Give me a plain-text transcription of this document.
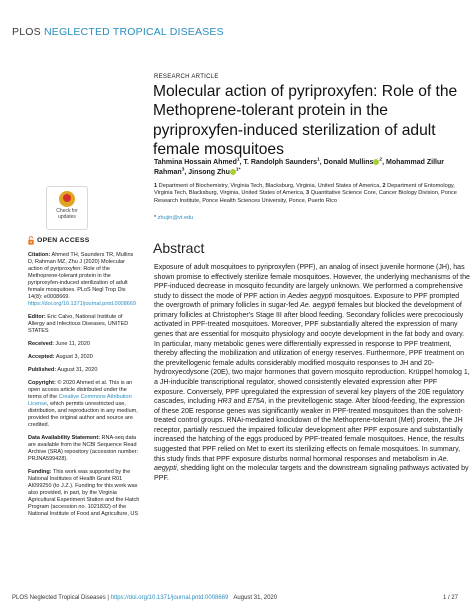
PLOS NEGLECTED TROPICAL DISEASES
RESEARCH ARTICLE
Molecular action of pyriproxyfen: Role of the Methoprene-tolerant protein in the pyriproxyfen-induced sterilization of adult female mosquitoes
Tahmina Hossain Ahmed$^1$, T. Randolph Saunders$^1$, Donald Mullins $^2$, Mohammad Zillur Rahman$^3$, Jinsong Zhu $^{1*}$

1 Department of Biochemistry, Virginia Tech, Blacksburg, Virginia, United States of America, 2 Department of Entomology, Virginia Tech, Blacksburg, Virginia, United States of America, 3 Quantitative Science Core, Cancer Biology Division, Ponce Research Institute, Ponce Health Sciences University, Ponce, Puerto Rico

* zhujin@vt.edu
Check for
updates
Abstract
Exposure of adult mosquitoes to pyriproxyfen (PPF), an analog of insect juvenile hormone (JH), has shown promise to effectively sterilize female mosquitoes. However, the underlying mechanisms of the PPF-induced decrease in mosquito fecundity are largely unknown. We performed a comprehensive study to dissect the mode of PPF action in Aedes aegypti mosquitoes. Exposure to PPF prompted the overgrowth of primary follicles in sugar-fed Ae. aegypti females but blocked the development of primary follicles at Christopher's Stage III after blood feeding. Secondary follicles were precociously activated in PPF-treated mosquitoes. Moreover, PPF substantially altered the expression of many genes that are essential for mosquito physiology and oocyte development in the fat body and ovary. In particular, many metabolic genes were differentially expressed in response to PPF treatment, thereby affecting the mobilization and utilization of energy reserves. Furthermore, PPF treatment on the previtellogenic female adults considerably modified mosquito responses to JH and 20-hydroxyecdysone (20E), two major hormones that govern mosquito reproduction. Krüppel homolog 1, a JH-inducible transcriptional regulator, showed consistently elevated expression after PPF exposure. Conversely, PPF upregulated the expression of several key players of the 20E regulatory cascades, including HR3 and E75A, in the previtellogenic stage. After blood-feeding, the expression of these 20E response genes was significantly weaker in PPF-treated mosquitoes than the solvent-treated control groups. RNAi-mediated knockdown of the Methoprene-tolerant (Met) protein, the JH receptor, partially rescued the impaired follicular development after PPF exposure and substantially increased the hatching of the eggs produced by PPF-treated female mosquitoes. Hence, the results suggested that PPF relied on Met to exert its sterilizing effects on female mosquitoes. In summary, this study finds that PPF exposure disturbs normal hormonal responses and metabolism in Ae. aegypti, shedding light on the molecular targets and the downstream signaling pathways activated by PPF.
OPEN ACCESS

Citation: Ahmed TH, Saunders TR, Mullins D, Rahman MZ, Zhu J (2020) Molecular action of pyriproxyfen: Role of the Methoprene-tolerant protein in the pyriproxyfen-induced sterilization of adult female mosquitoes. PLoS Negl Trop Dis 14(8): e0008669. https://doi.org/10.1371/journal.pntd.0008669

Editor: Eric Calvo, National Institute of Allergy and Infectious Diseases, UNITED STATES

Received: June 11, 2020

Accepted: August 3, 2020

Published: August 31, 2020

Copyright: © 2020 Ahmed et al. This is an open access article distributed under the terms of the Creative Commons Attribution License, which permits unrestricted use, distribution, and reproduction in any medium, provided the original author and source are credited.

Data Availability Statement: RNA-seq data are available from the NCBI Sequence Read Archive (SRA) repository (accession number: PRJNA599428).

Funding: This work was supported by the National Institutes of Health Grant R01 AI099250 (to J.Z.). Funding for this work was also provided, in part, by the Virginia Agricultural Experiment Station and the Hatch Program (accession no. 1021832) of the National Institute of Food and Agriculture, US

PLOS Neglected Tropical Diseases | https://doi.org/10.1371/journal.pntd.0008669 August 31, 2020	1 / 27
